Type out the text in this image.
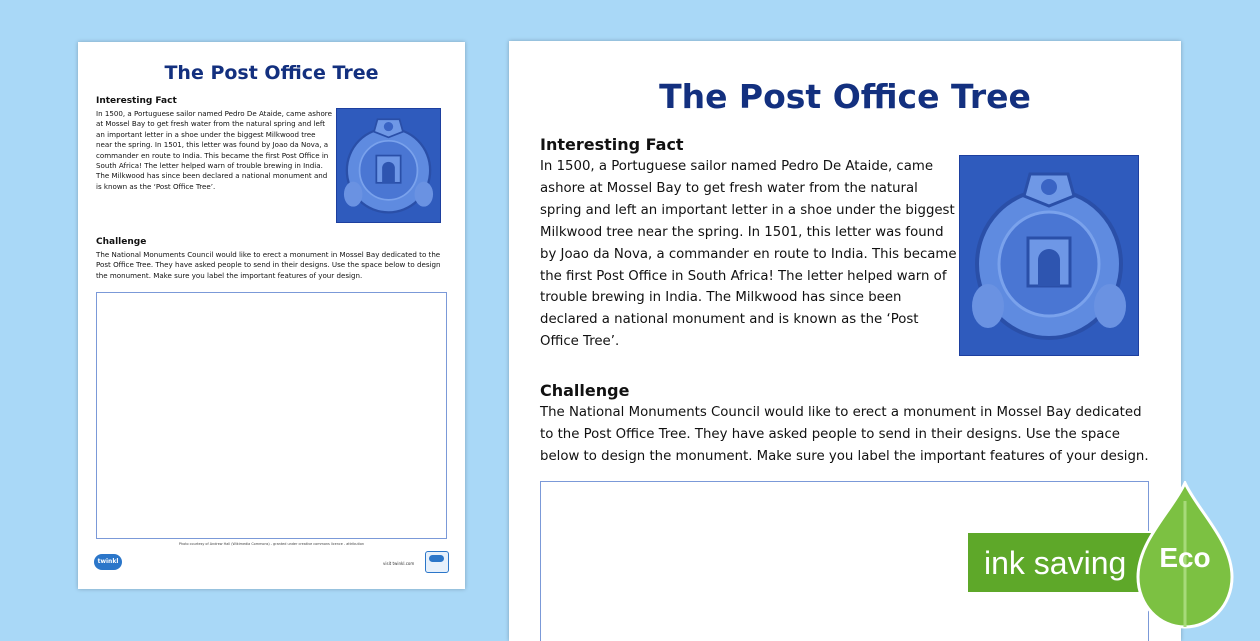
The Post Office Tree
Interesting Fact
In 1500, a Portuguese sailor named Pedro De Ataide, came ashore at Mossel Bay to get fresh water from the natural spring and left an important letter in a shoe under the biggest Milkwood tree near the spring. In 1501, this letter was found by Joao da Nova, a commander en route to India. This became the first Post Office in South Africa! The letter helped warn of trouble brewing in India. The Milkwood has since been declared a national monument and is known as the ‘Post Office Tree’.
Challenge
The National Monuments Council would like to erect a monument in Mossel Bay dedicated to the Post Office Tree. They have asked people to send in their designs. Use the space below to design the monument. Make sure you label the important features of your design.
Photo courtesy of Andrew Hall (Wikimedia Commons) - granted under creative commons licence - attribution
twinkl	visit twinkl.com
The Post Office Tree
Interesting Fact
In 1500, a Portuguese sailor named Pedro De Ataide, came ashore at Mossel Bay to get fresh water from the natural spring and left an important letter in a shoe under the biggest Milkwood tree near the spring. In 1501, this letter was found by Joao da Nova, a commander en route to India. This became the first Post Office in South Africa! The letter helped warn of trouble brewing in India. The Milkwood has since been declared a national monument and is known as the ‘Post Office Tree’.
Challenge
The National Monuments Council would like to erect a monument in Mossel Bay dedicated to the Post Office Tree. They have asked people to send in their designs. Use the space below to design the monument. Make sure you label the important features of your design.
ink saving	Eco
